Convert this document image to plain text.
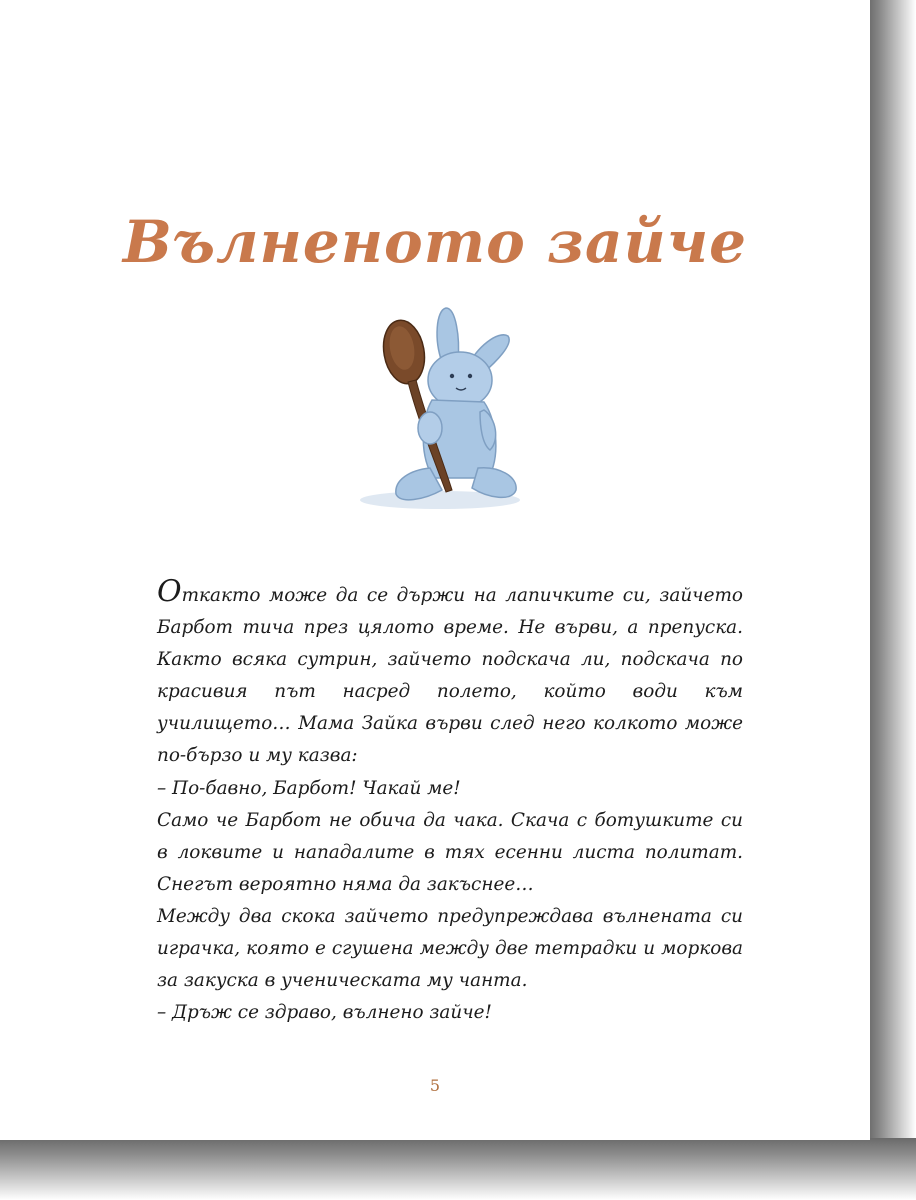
Вълненото зайче

Откакто може да се държи на лапичките си, зайчето Барбот тича през цялото време. Не върви, а препуска. Както всяка сутрин, зайчето подскача ли, подскача по красивия път насред полето, който води към училището… Мама Зайка върви след него колкото може по-бързо и му казва:

– По-бавно, Барбот! Чакай ме!

Само че Барбот не обича да чака. Скача с ботушките си в локвите и нападалите в тях есенни листа политат. Снегът вероятно няма да закъснее…

Между два скока зайчето предупреждава вълнената си играчка, която е сгушена между две тетрадки и моркова за закуска в ученическата му чанта.

– Дръж се здраво, вълнено зайче!

5
